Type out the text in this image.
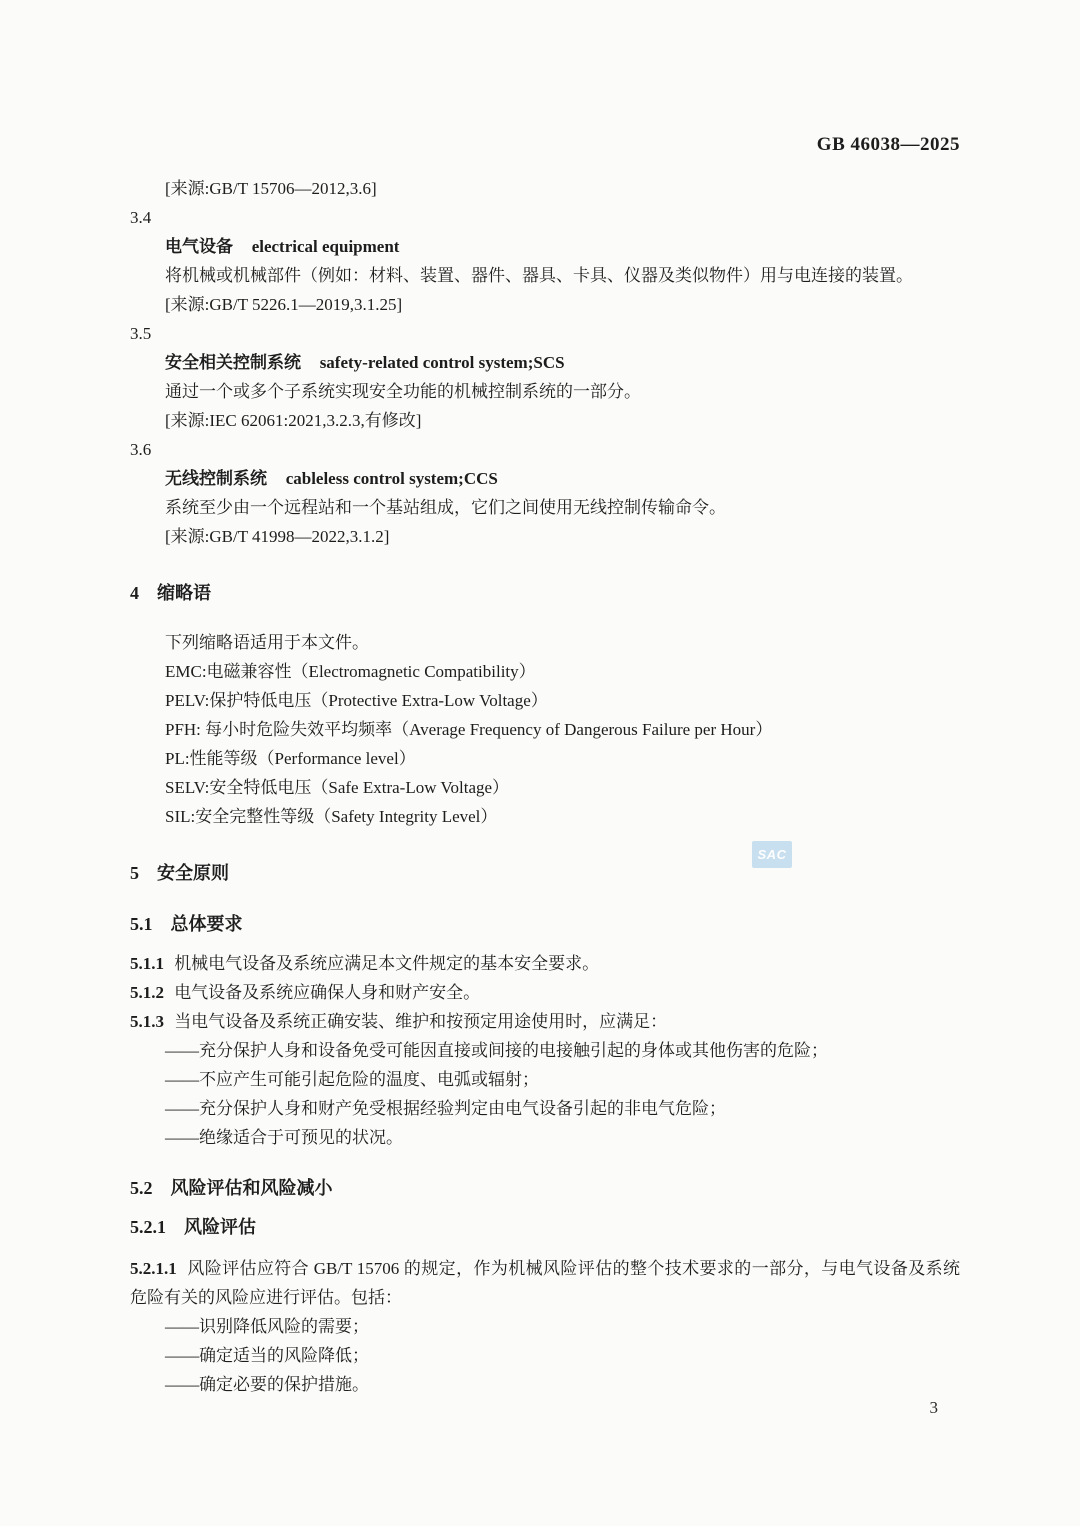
GB 46038—2025
[来源:GB/T 15706—2012,3.6]
3.4
电气设备 electrical equipment
将机械或机械部件（例如：材料、装置、器件、器具、卡具、仪器及类似物件）用与电连接的装置。
[来源:GB/T 5226.1—2019,3.1.25]
3.5
安全相关控制系统 safety-related control system;SCS
通过一个或多个子系统实现安全功能的机械控制系统的一部分。
[来源:IEC 62061:2021,3.2.3,有修改]
3.6
无线控制系统 cableless control system;CCS
系统至少由一个远程站和一个基站组成，它们之间使用无线控制传输命令。
[来源:GB/T 41998—2022,3.1.2]
4 缩略语
下列缩略语适用于本文件。
EMC:电磁兼容性（Electromagnetic Compatibility）
PELV:保护特低电压（Protective Extra-Low Voltage）
PFH: 每小时危险失效平均频率（Average Frequency of Dangerous Failure per Hour）
PL:性能等级（Performance level）
SELV:安全特低电压（Safe Extra-Low Voltage）
SIL:安全完整性等级（Safety Integrity Level）
5 安全原则
5.1 总体要求
5.1.1 机械电气设备及系统应满足本文件规定的基本安全要求。
5.1.2 电气设备及系统应确保人身和财产安全。
5.1.3 当电气设备及系统正确安装、维护和按预定用途使用时，应满足：
——充分保护人身和设备免受可能因直接或间接的电接触引起的身体或其他伤害的危险；
——不应产生可能引起危险的温度、电弧或辐射；
——充分保护人身和财产免受根据经验判定由电气设备引起的非电气危险；
——绝缘适合于可预见的状况。
5.2 风险评估和风险减小
5.2.1 风险评估
5.2.1.1 风险评估应符合 GB/T 15706 的规定，作为机械风险评估的整个技术要求的一部分，与电气设备及系统危险有关的风险应进行评估。包括：
——识别降低风险的需要；
——确定适当的风险降低；
——确定必要的保护措施。
SAC
3
